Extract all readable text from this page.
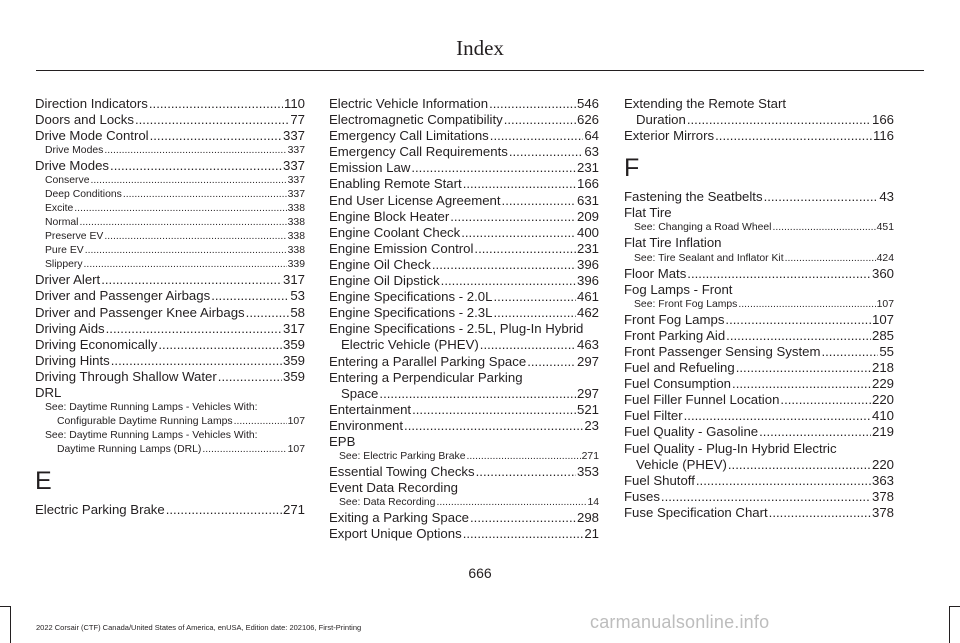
Index
Direction Indicators .....	110
Doors and Locks .....	77
Drive Mode Control .....	337
Drive Modes .....	337
Drive Modes .....	337
Conserve .....	337
Deep Conditions .....	337
Excite .....	338
Normal .....	338
Preserve EV .....	338
Pure EV .....	338
Slippery .....	339
Driver Alert .....	317
Driver and Passenger Airbags .....	53
Driver and Passenger Knee Airbags .....	58
Driving Aids .....	317
Driving Economically .....	359
Driving Hints .....	359
Driving Through Shallow Water .....	359
DRL
See: Daytime Running Lamps - Vehicles With:
Configurable Daytime Running Lamps .....	107
See: Daytime Running Lamps - Vehicles With:
Daytime Running Lamps (DRL) .....	107
E
Electric Parking Brake .....	271
Electric Vehicle Information .....	546
Electromagnetic Compatibility .....	626
Emergency Call Limitations .....	64
Emergency Call Requirements .....	63
Emission Law .....	231
Enabling Remote Start .....	166
End User License Agreement .....	631
Engine Block Heater .....	209
Engine Coolant Check .....	400
Engine Emission Control .....	231
Engine Oil Check .....	396
Engine Oil Dipstick .....	396
Engine Specifications - 2.0L .....	461
Engine Specifications - 2.3L .....	462
Engine Specifications - 2.5L, Plug-In Hybrid
Electric Vehicle (PHEV) .....	463
Entering a Parallel Parking Space .....	297
Entering a Perpendicular Parking
Space .....	297
Entertainment .....	521
Environment .....	23
EPB
See: Electric Parking Brake .....	271
Essential Towing Checks .....	353
Event Data Recording
See: Data Recording .....	14
Exiting a Parking Space .....	298
Export Unique Options .....	21
Extending the Remote Start
Duration .....	166
Exterior Mirrors .....	116
F
Fastening the Seatbelts .....	43
Flat Tire
See: Changing a Road Wheel .....	451
Flat Tire Inflation
See: Tire Sealant and Inflator Kit .....	424
Floor Mats .....	360
Fog Lamps - Front
See: Front Fog Lamps .....	107
Front Fog Lamps .....	107
Front Parking Aid .....	285
Front Passenger Sensing System .....	55
Fuel and Refueling .....	218
Fuel Consumption .....	229
Fuel Filler Funnel Location .....	220
Fuel Filter .....	410
Fuel Quality - Gasoline .....	219
Fuel Quality - Plug-In Hybrid Electric
Vehicle (PHEV) .....	220
Fuel Shutoff .....	363
Fuses .....	378
Fuse Specification Chart .....	378
666
2022 Corsair (CTF) Canada/United States of America, enUSA, Edition date: 202106, First-Printing	carmanualsonline.info
